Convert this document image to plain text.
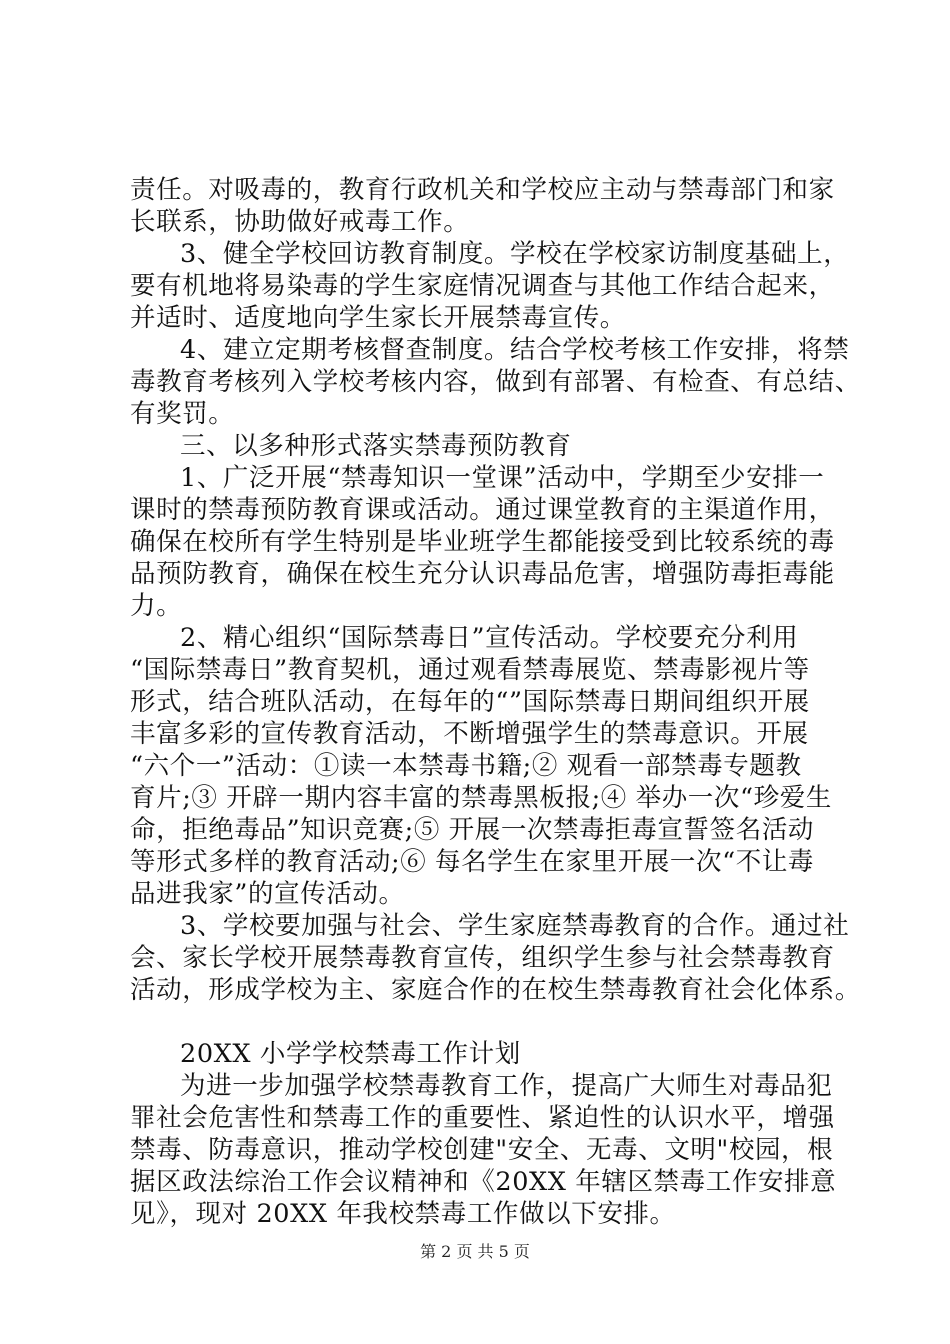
责任。对吸毒的，教育行政机关和学校应主动与禁毒部门和家
长联系，协助做好戒毒工作。
3、健全学校回访教育制度。学校在学校家访制度基础上，
要有机地将易染毒的学生家庭情况调查与其他工作结合起来，
并适时、适度地向学生家长开展禁毒宣传。
4、建立定期考核督查制度。结合学校考核工作安排，将禁
毒教育考核列入学校考核内容，做到有部署、有检查、有总结、
有奖罚。
三、以多种形式落实禁毒预防教育
1、广泛开展“禁毒知识一堂课”活动中，学期至少安排一
课时的禁毒预防教育课或活动。通过课堂教育的主渠道作用，
确保在校所有学生特别是毕业班学生都能接受到比较系统的毒
品预防教育，确保在校生充分认识毒品危害，增强防毒拒毒能
力。
2、精心组织“国际禁毒日”宣传活动。学校要充分利用
“国际禁毒日”教育契机，通过观看禁毒展览、禁毒影视片等
形式，结合班队活动，在每年的“”国际禁毒日期间组织开展
丰富多彩的宣传教育活动，不断增强学生的禁毒意识。开展
“六个一”活动：①读一本禁毒书籍;② 观看一部禁毒专题教
育片;③ 开辟一期内容丰富的禁毒黑板报;④ 举办一次“珍爱生
命，拒绝毒品”知识竞赛;⑤ 开展一次禁毒拒毒宣誓签名活动
等形式多样的教育活动;⑥ 每名学生在家里开展一次“不让毒
品进我家”的宣传活动。
3、学校要加强与社会、学生家庭禁毒教育的合作。通过社
会、家长学校开展禁毒教育宣传，组织学生参与社会禁毒教育
活动，形成学校为主、家庭合作的在校生禁毒教育社会化体系。
20XX 小学学校禁毒工作计划
为进一步加强学校禁毒教育工作，提高广大师生对毒品犯
罪社会危害性和禁毒工作的重要性、紧迫性的认识水平，增强
禁毒、防毒意识，推动学校创建"安全、无毒、文明"校园，根
据区政法综治工作会议精神和《20XX 年辖区禁毒工作安排意
见》，现对 20XX 年我校禁毒工作做以下安排。
第 2 页 共 5 页
